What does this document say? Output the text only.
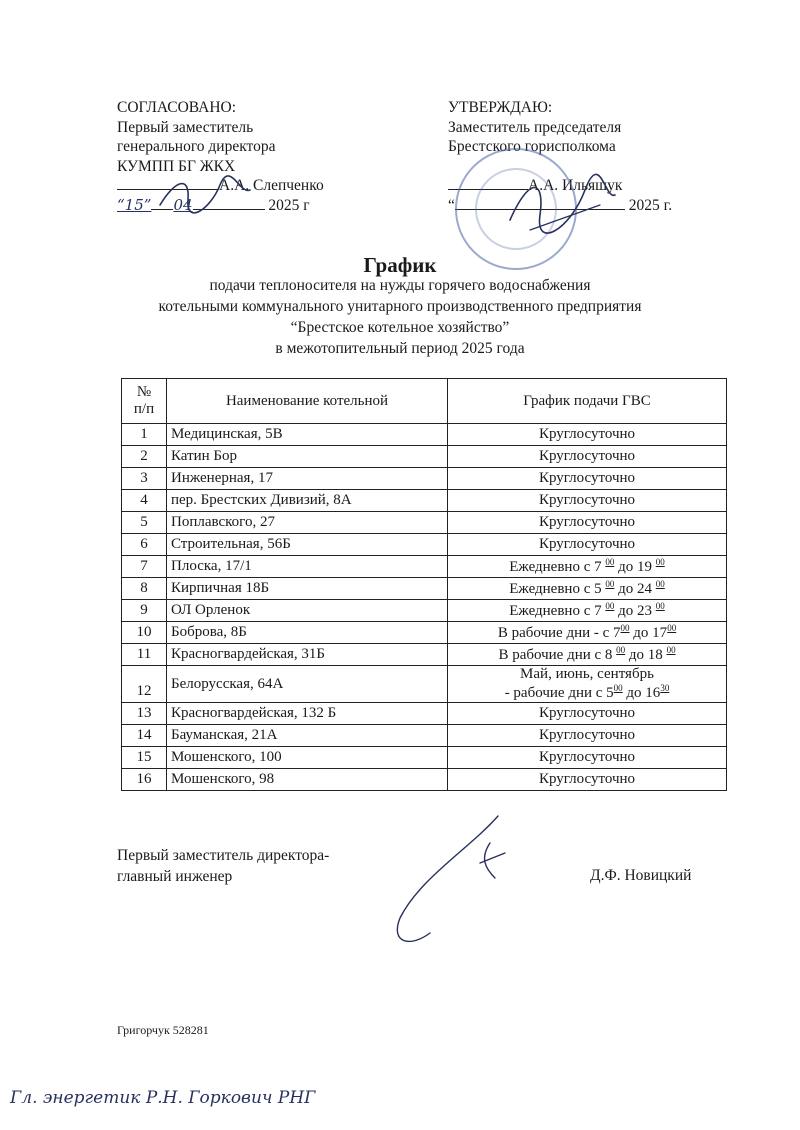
СОГЛАСОВАНО:
Первый заместитель
генерального директора
КУМПП БГ ЖКХ
А.А. Слепченко
“15” 04	2025 г
УТВЕРЖДАЮ:
Заместитель председателя
Брестского горисполкома
А.А. Ильяшук
“	2025 г.
График
подачи теплоносителя на нужды горячего водоснабжения
котельными коммунального унитарного производственного предприятия
“Брестское котельное хозяйство”
в межотопительный период 2025 года
№
п/п	Наименование котельной	График подачи ГВС
1	Медицинская, 5В	Круглосуточно
2	Катин Бор	Круглосуточно
3	Инженерная, 17	Круглосуточно
4	пер. Брестских Дивизий, 8А	Круглосуточно
5	Поплавского, 27	Круглосуточно
6	Строительная, 56Б	Круглосуточно
7	Плоска, 17/1	Ежедневно с 7 $^{00}$ до 19 $^{00}$

8	Кирпичная 18Б	Ежедневно с 5 $^{00}$ до 24 $^{00}$

9	ОЛ Орленок	Ежедневно с 7 $^{00}$ до 23 $^{00}$

10	Боброва, 8Б	В рабочие дни - с $7^{00}$ до $17^{00}$

11	Красногвардейская, 31Б	В рабочие дни с 8 $^{00}$ до 18 $^{00}$

12	Белорусская, 64А	Май, июнь, сентябрь
- рабочие дни с $5^{00}$ до $16^{30}$

13	Красногвардейская, 132 Б	Круглосуточно
14	Бауманская, 21А	Круглосуточно
15	Мошенского, 100	Круглосуточно
16	Мошенского, 98	Круглосуточно
Первый заместитель директора-
главный инженер	Д.Ф. Новицкий
Григорчук 528281
Гл. энергетик Р.Н. Горкович РНГ
